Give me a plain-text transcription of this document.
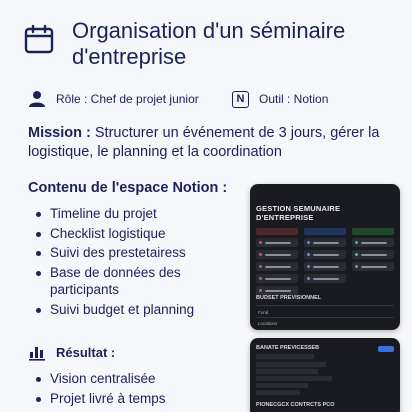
Organisation d'un séminaire d'entreprise
Rôle : Chef de projet junior	N	Outil : Notion

Mission : Structurer un événement de 3 jours, gérer la logistique, le planning et la coordination

Contenu de l'espace Notion :
Timeline du projet
Checklist logistique
Suivi des prestetairess
Base de données des participants
Suivi budget et planning
Résultat :
Vision centralisée
Projet livré à temps
GESTION SEMUNAIRE D'ENTREPRISE
BUDSET PREVISIONNEL
Fond
Locations
BANATE PREVICESSEB
PIONECGCX CONTRCTS PCO
